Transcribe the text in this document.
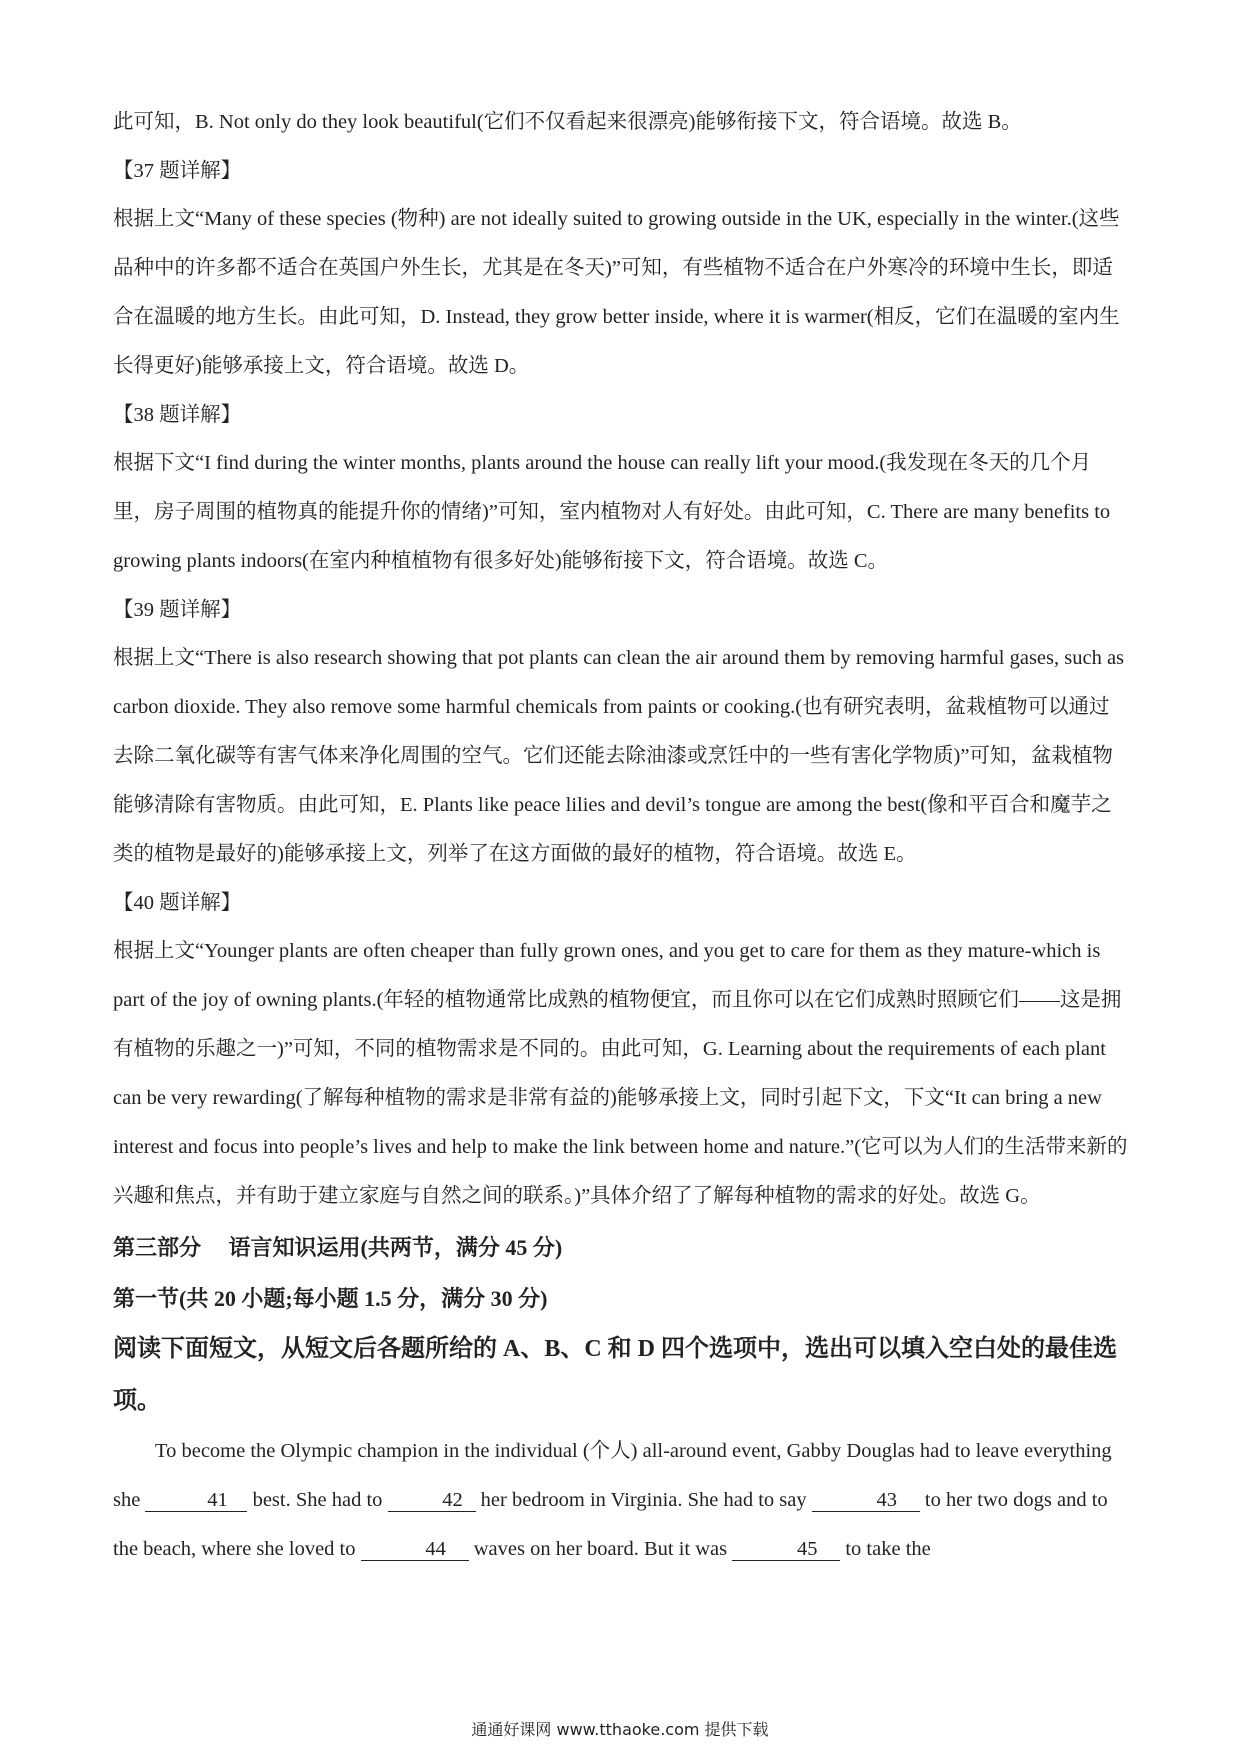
此可知，B. Not only do they look beautiful(它们不仅看起来很漂亮)能够衔接下文，符合语境。故选 B。

【37 题详解】

根据上文“Many of these species (物种) are not ideally suited to growing outside in the UK, especially in the winter.(这些品种中的许多都不适合在英国户外生长，尤其是在冬天)”可知，有些植物不适合在户外寒冷的环境中生长，即适合在温暖的地方生长。由此可知，D. Instead, they grow better inside, where it is warmer(相反，它们在温暖的室内生长得更好)能够承接上文，符合语境。故选 D。

【38 题详解】

根据下文“I find during the winter months, plants around the house can really lift your mood.(我发现在冬天的几个月里，房子周围的植物真的能提升你的情绪)”可知，室内植物对人有好处。由此可知，C. There are many benefits to growing plants indoors(在室内种植植物有很多好处)能够衔接下文，符合语境。故选 C。

【39 题详解】

根据上文“There is also research showing that pot plants can clean the air around them by removing harmful gases, such as carbon dioxide. They also remove some harmful chemicals from paints or cooking.(也有研究表明，盆栽植物可以通过去除二氧化碳等有害气体来净化周围的空气。它们还能去除油漆或烹饪中的一些有害化学物质)”可知，盆栽植物能够清除有害物质。由此可知，E. Plants like peace lilies and devil’s tongue are among the best(像和平百合和魔芋之类的植物是最好的)能够承接上文，列举了在这方面做的最好的植物，符合语境。故选 E。

【40 题详解】

根据上文“Younger plants are often cheaper than fully grown ones, and you get to care for them as they mature-which is part of the joy of owning plants.(年轻的植物通常比成熟的植物便宜，而且你可以在它们成熟时照顾它们——这是拥有植物的乐趣之一)”可知，不同的植物需求是不同的。由此可知，G. Learning about the requirements of each plant can be very rewarding(了解每种植物的需求是非常有益的)能够承接上文，同时引起下文，下文“It can bring a new interest and focus into people’s lives and help to make the link between home and nature.”(它可以为人们的生活带来新的兴趣和焦点，并有助于建立家庭与自然之间的联系。)”具体介绍了了解每种植物的需求的好处。故选 G。

第三部分　 语言知识运用(共两节，满分 45 分)

第一节(共 20 小题;每小题 1.5 分，满分 30 分)

阅读下面短文，从短文后各题所给的 A、B、C 和 D 四个选项中，选出可以填入空白处的最佳选项。

To become the Olympic champion in the individual (个人) all-around event, Gabby Douglas had to leave everything she	41 best. She had to	42 her bedroom in Virginia. She had to say	43 to her two dogs and to the beach, where she loved to	44 waves on her board. But it was	45 to take the

通通好课网 www.tthaoke.com 提供下载
